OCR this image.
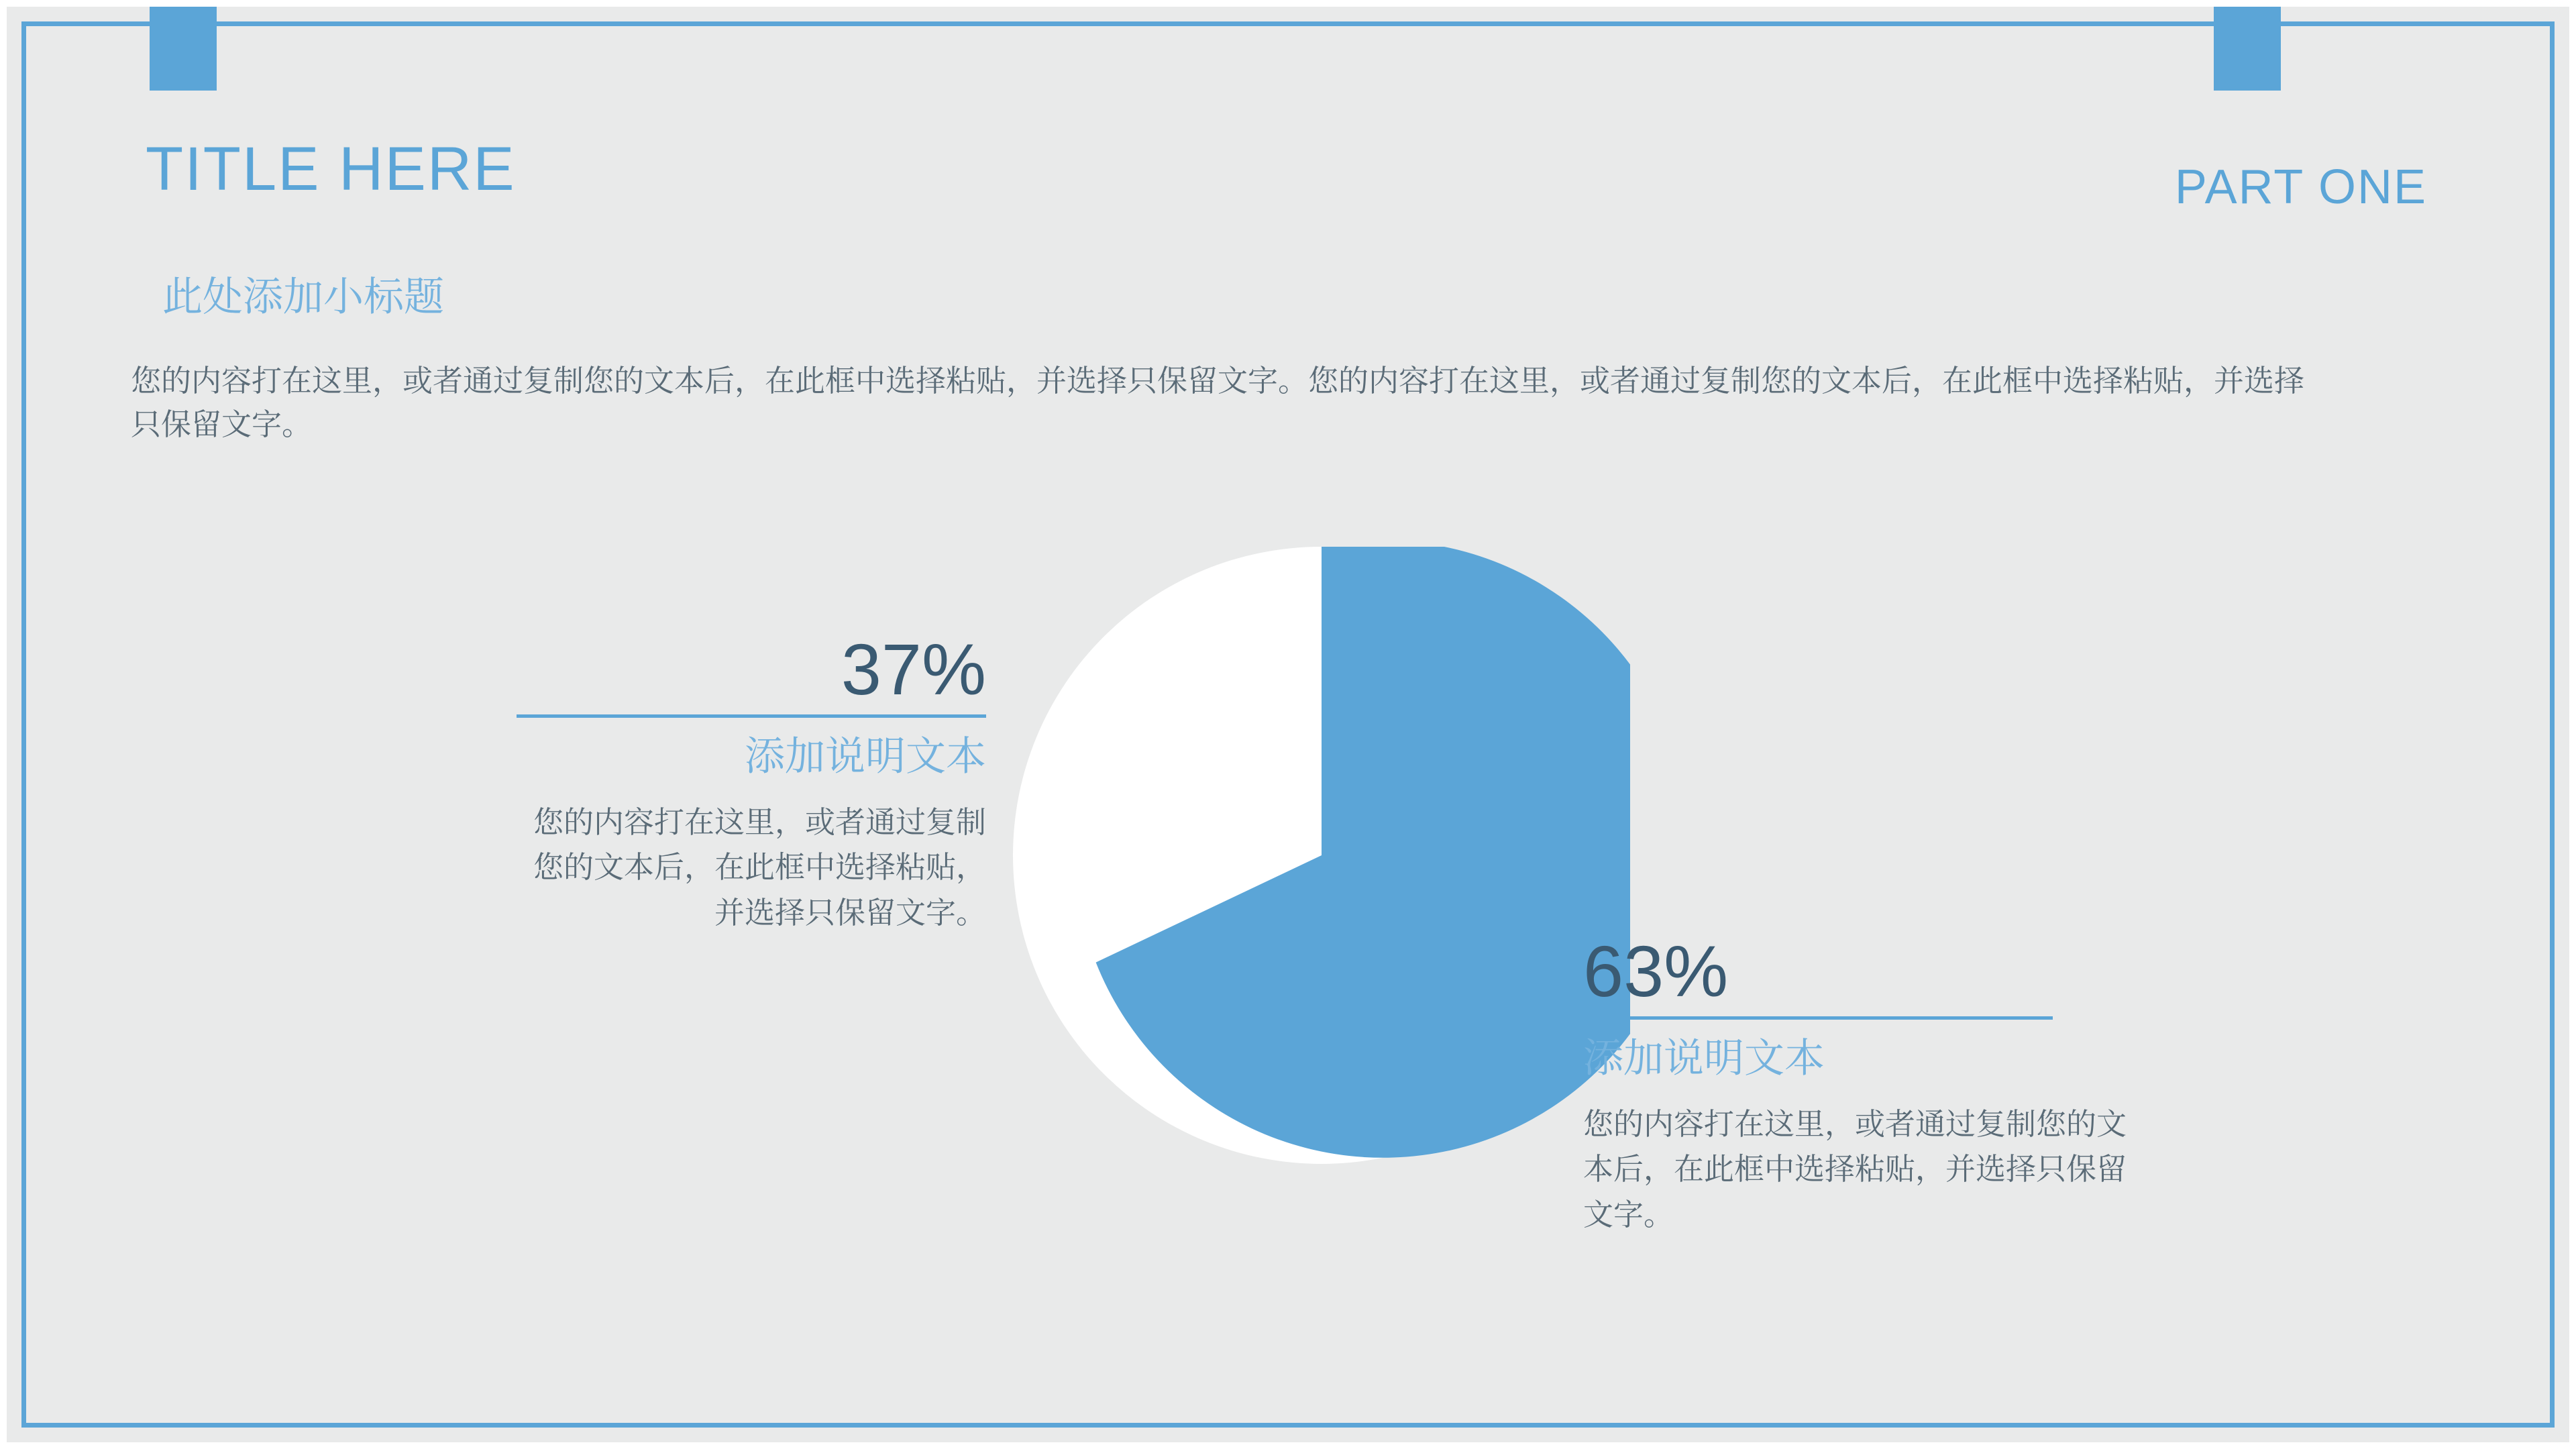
TITLE HERE	PART ONE
此处添加小标题
您的内容打在这里，或者通过复制您的文本后，在此框中选择粘贴，并选择只保留文字。您的内容打在这里，或者通过复制您的文本后，在此框中选择粘贴，并选择只保留文字。
37%
添加说明文本
您的内容打在这里，或者通过复制您的文本后，在此框中选择粘贴，并选择只保留文字。
63%
添加说明文本
您的内容打在这里，或者通过复制您的文本后，在此框中选择粘贴，并选择只保留文字。
